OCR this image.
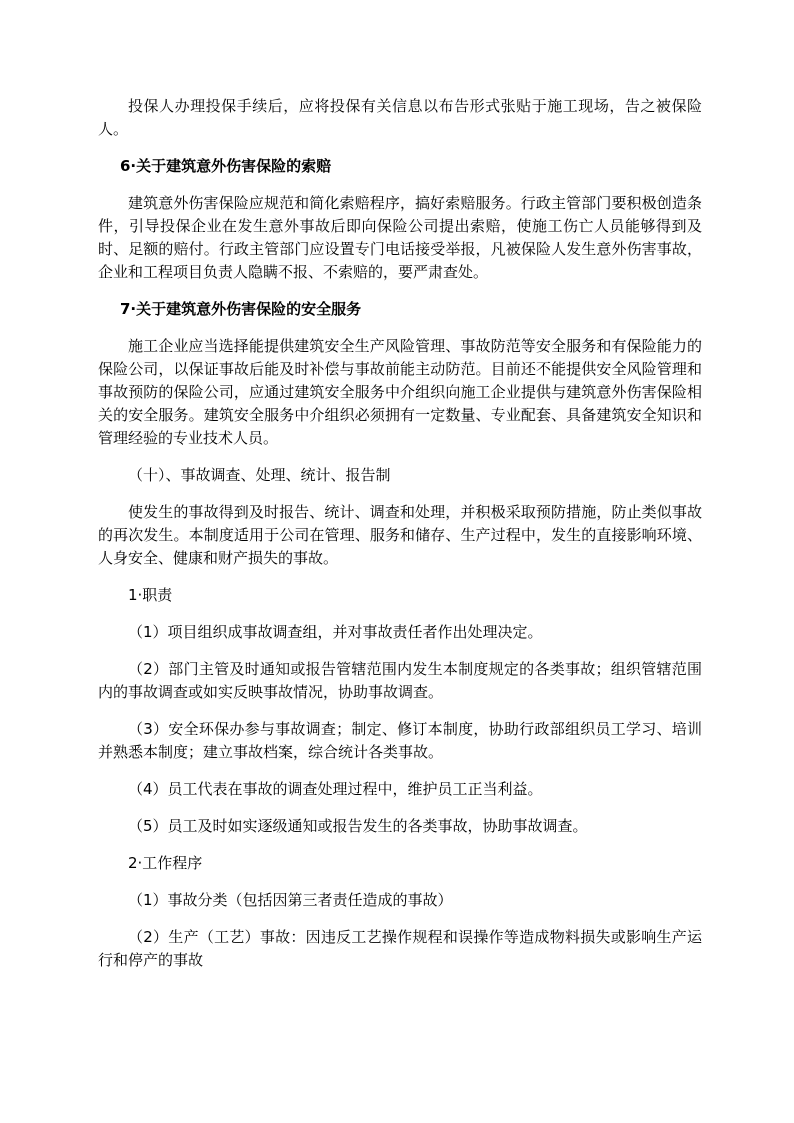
投保人办理投保手续后，应将投保有关信息以布告形式张贴于施工现场，告之被保险人。

6·关于建筑意外伤害保险的索赔

建筑意外伤害保险应规范和简化索赔程序，搞好索赔服务。行政主管部门要积极创造条件，引导投保企业在发生意外事故后即向保险公司提出索赔，使施工伤亡人员能够得到及时、足额的赔付。行政主管部门应设置专门电话接受举报，凡被保险人发生意外伤害事故，企业和工程项目负责人隐瞒不报、不索赔的，要严肃查处。

7·关于建筑意外伤害保险的安全服务

施工企业应当选择能提供建筑安全生产风险管理、事故防范等安全服务和有保险能力的保险公司，以保证事故后能及时补偿与事故前能主动防范。目前还不能提供安全风险管理和事故预防的保险公司，应通过建筑安全服务中介组织向施工企业提供与建筑意外伤害保险相关的安全服务。建筑安全服务中介组织必须拥有一定数量、专业配套、具备建筑安全知识和管理经验的专业技术人员。

（十）、事故调查、处理、统计、报告制

使发生的事故得到及时报告、统计、调查和处理，并积极采取预防措施，防止类似事故的再次发生。本制度适用于公司在管理、服务和储存、生产过程中，发生的直接影响环境、人身安全、健康和财产损失的事故。

1·职责

（1）项目组织成事故调查组，并对事故责任者作出处理决定。

（2）部门主管及时通知或报告管辖范围内发生本制度规定的各类事故；组织管辖范围内的事故调查或如实反映事故情况，协助事故调查。

（3）安全环保办参与事故调查；制定、修订本制度，协助行政部组织员工学习、培训并熟悉本制度；建立事故档案，综合统计各类事故。

（4）员工代表在事故的调查处理过程中，维护员工正当利益。

（5）员工及时如实逐级通知或报告发生的各类事故，协助事故调查。

2·工作程序

（1）事故分类（包括因第三者责任造成的事故）

（2）生产（工艺）事故：因违反工艺操作规程和误操作等造成物料损失或影响生产运行和停产的事故
